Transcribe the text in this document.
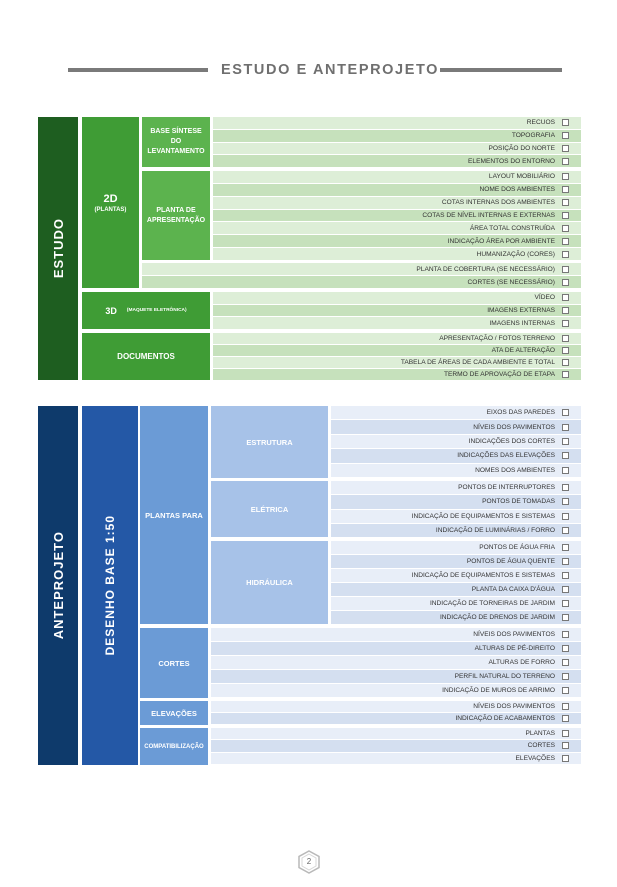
ESTUDO E ANTEPROJETO
ESTUDO
2D
(PLANTAS)
BASE SÍNTESE DO LEVANTAMENTO
PLANTA DE APRESENTAÇÃO
3D (MAQUETE ELETRÔNICA)
DOCUMENTOS
RECUOS
TOPOGRAFIA
POSIÇÃO DO NORTE
ELEMENTOS DO ENTORNO
LAYOUT MOBILIÁRIO
NOME DOS AMBIENTES
COTAS INTERNAS DOS AMBIENTES
COTAS DE NÍVEL INTERNAS E EXTERNAS
ÁREA TOTAL CONSTRUÍDA
INDICAÇÃO ÁREA POR AMBIENTE
HUMANIZAÇÃO (CORES)
PLANTA DE COBERTURA (SE NECESSÁRIO)
CORTES (SE NECESSÁRIO)
VÍDEO
IMAGENS EXTERNAS
IMAGENS INTERNAS
APRESENTAÇÃO / FOTOS TERRENO
ATA DE ALTERAÇÃO
TABELA DE ÁREAS DE CADA AMBIENTE E TOTAL
TERMO DE APROVAÇÃO DE ETAPA
ANTEPROJETO	DESENHO BASE 1:50
PLANTAS PARA
ESTRUTURA
ELÉTRICA
HIDRÁULICA
CORTES
ELEVAÇÕES
COMPATIBILIZAÇÃO
EIXOS DAS PAREDES
NÍVEIS DOS PAVIMENTOS
INDICAÇÕES DOS CORTES
INDICAÇÕES DAS ELEVAÇÕES
NOMES DOS AMBIENTES
PONTOS DE INTERRUPTORES
PONTOS DE TOMADAS
INDICAÇÃO DE EQUIPAMENTOS E SISTEMAS
INDICAÇÃO DE LUMINÁRIAS / FORRO
PONTOS DE ÁGUA FRIA
PONTOS DE ÁGUA QUENTE
INDICAÇÃO DE EQUIPAMENTOS E SISTEMAS
PLANTA DA CAIXA D'ÁGUA
INDICAÇÃO DE TORNEIRAS DE JARDIM
INDICAÇÃO DE DRENOS DE JARDIM
NÍVEIS DOS PAVIMENTOS
ALTURAS DE PÉ-DIREITO
ALTURAS DE FORRO
PERFIL NATURAL DO TERRENO
INDICAÇÃO DE MUROS DE ARRIMO
NÍVEIS DOS PAVIMENTOS
INDICAÇÃO DE ACABAMENTOS
PLANTAS
CORTES
ELEVAÇÕES
2
